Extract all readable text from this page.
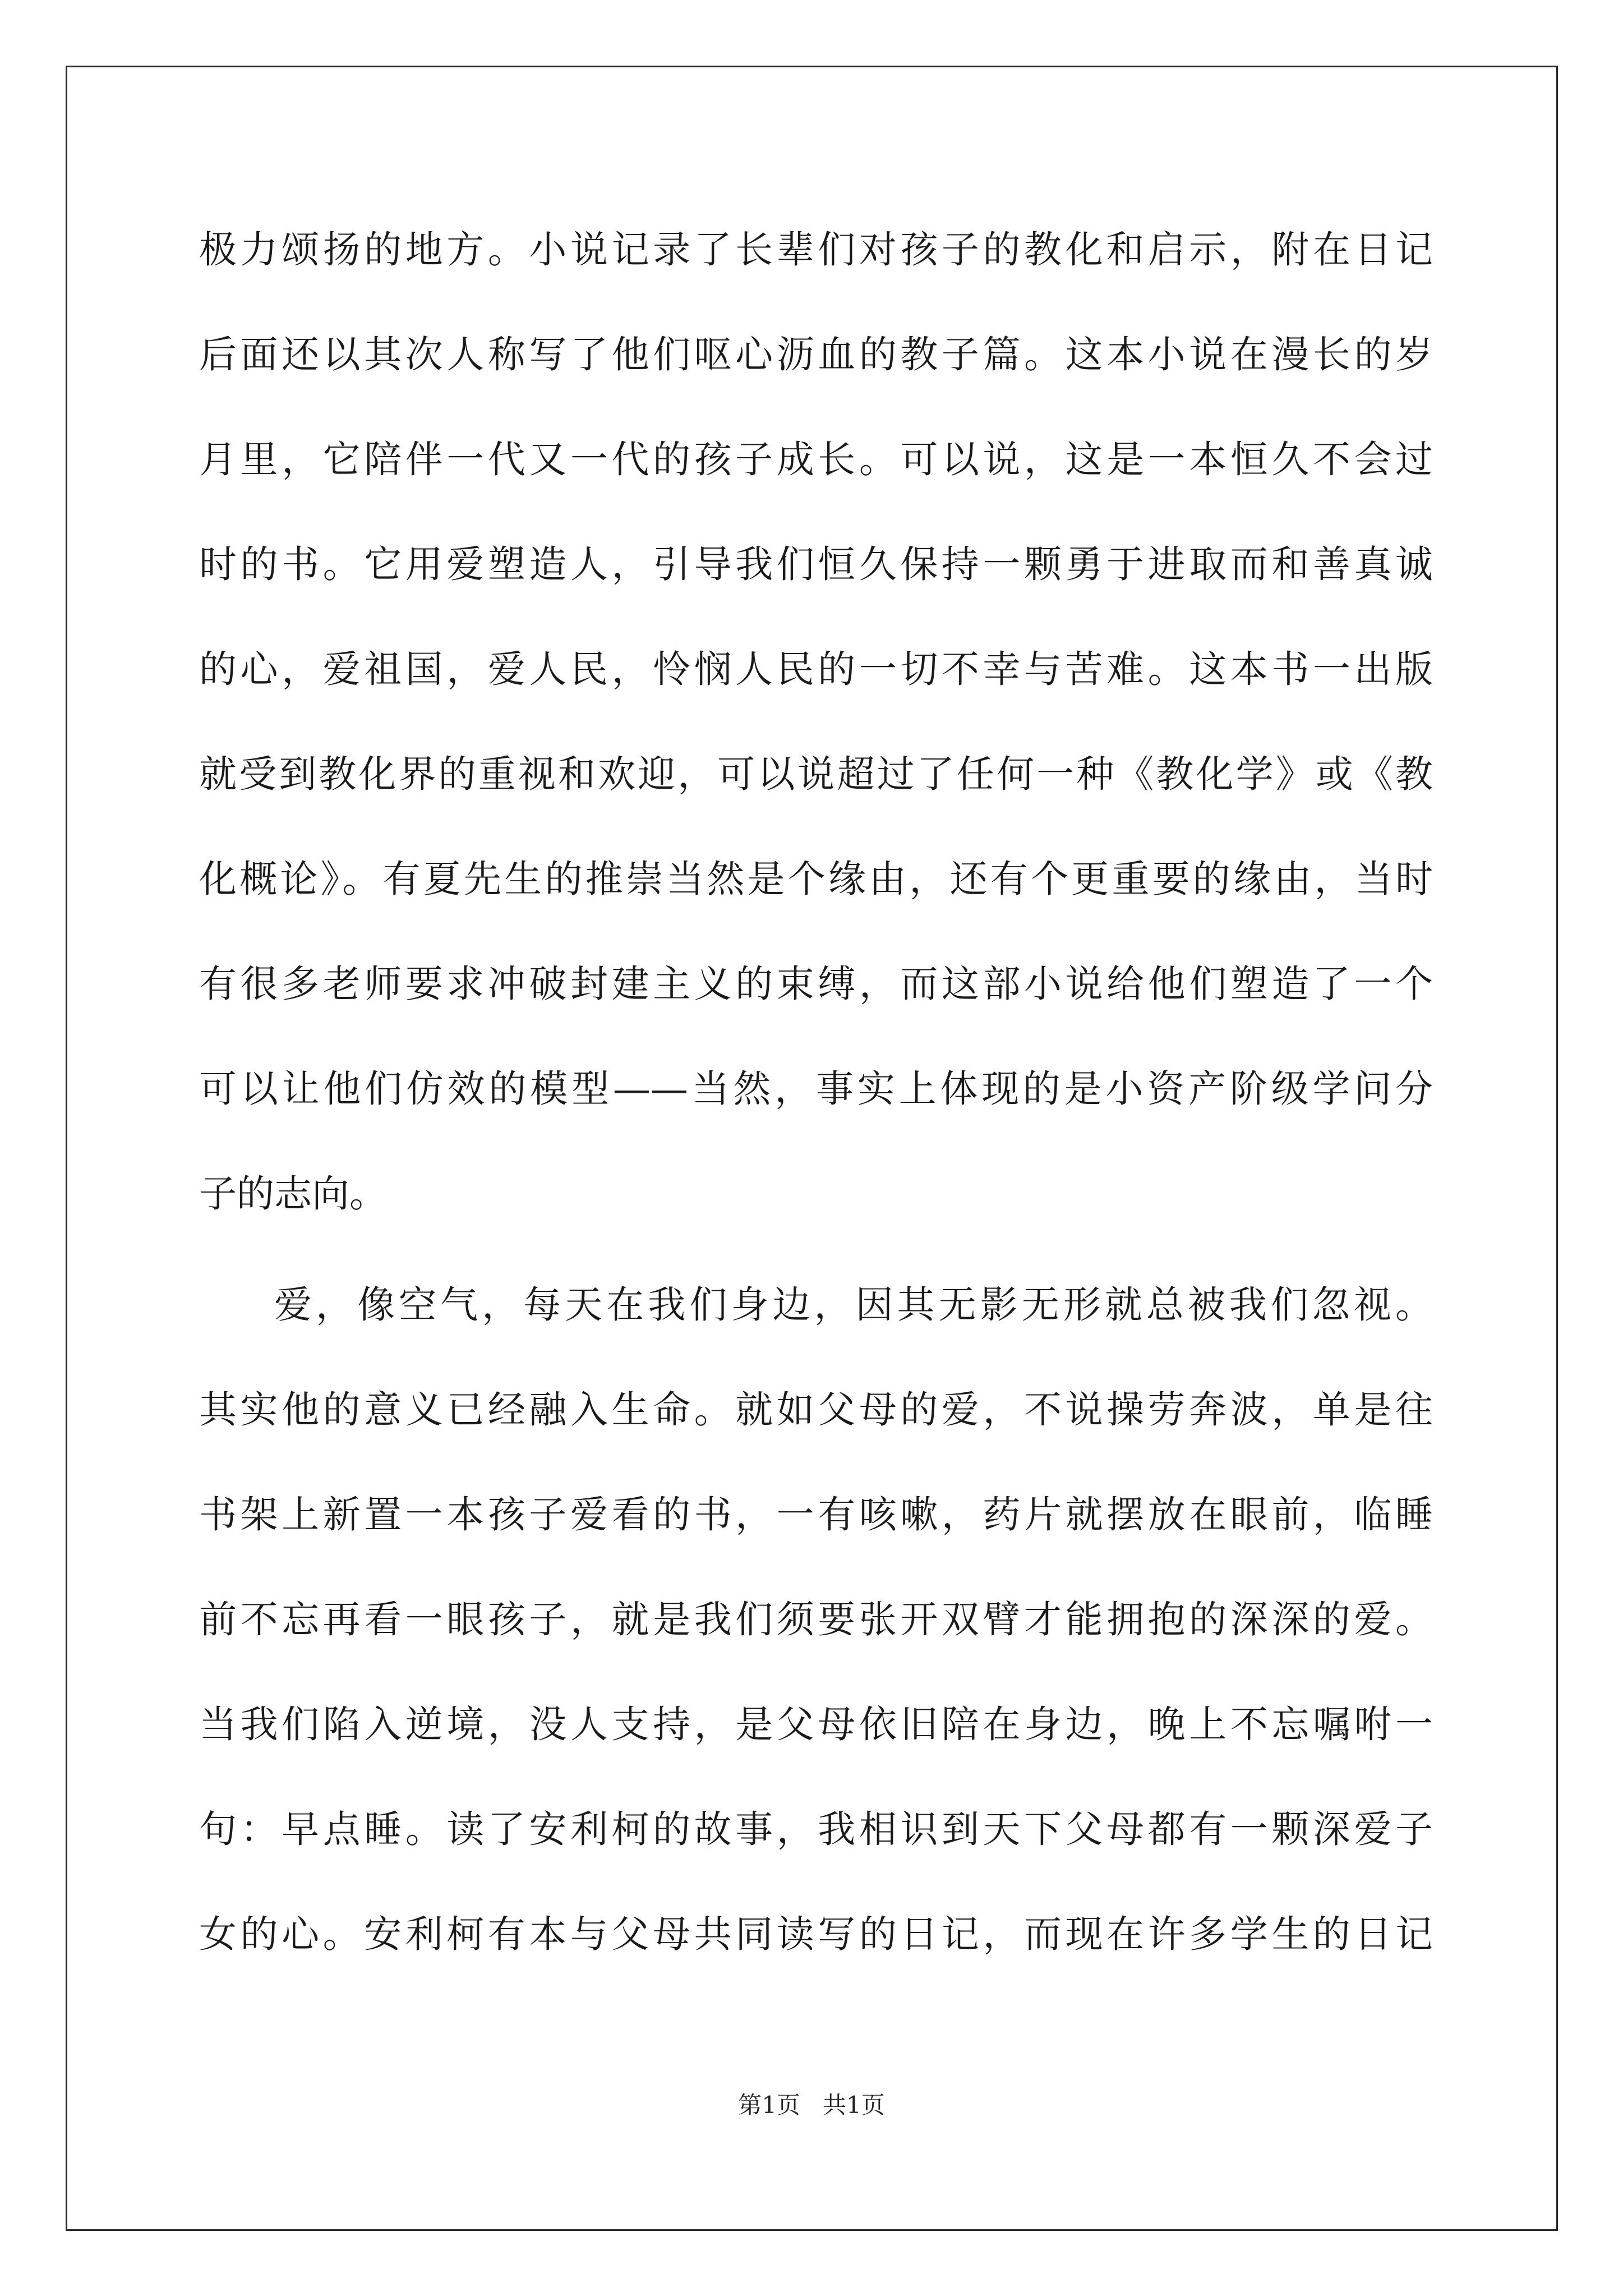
极力颂扬的地方。小说记录了长辈们对孩子的教化和启示，附在日记
后面还以其次人称写了他们呕心沥血的教子篇。这本小说在漫长的岁
月里，它陪伴一代又一代的孩子成长。可以说，这是一本恒久不会过
时的书。它用爱塑造人，引导我们恒久保持一颗勇于进取而和善真诚
的心，爱祖国，爱人民，怜悯人民的一切不幸与苦难。这本书一出版
就受到教化界的重视和欢迎，可以说超过了任何一种《教化学》或《教
化概论》。有夏先生的推崇当然是个缘由，还有个更重要的缘由，当时
有很多老师要求冲破封建主义的束缚，而这部小说给他们塑造了一个
可以让他们仿效的模型——当然，事实上体现的是小资产阶级学问分
子的志向。
爱，像空气，每天在我们身边，因其无影无形就总被我们忽视。
其实他的意义已经融入生命。就如父母的爱，不说操劳奔波，单是往
书架上新置一本孩子爱看的书，一有咳嗽，药片就摆放在眼前，临睡
前不忘再看一眼孩子，就是我们须要张开双臂才能拥抱的深深的爱。
当我们陷入逆境，没人支持，是父母依旧陪在身边，晚上不忘嘱咐一
句：早点睡。读了安利柯的故事，我相识到天下父母都有一颗深爱子
女的心。安利柯有本与父母共同读写的日记，而现在许多学生的日记
第1页 共1页
